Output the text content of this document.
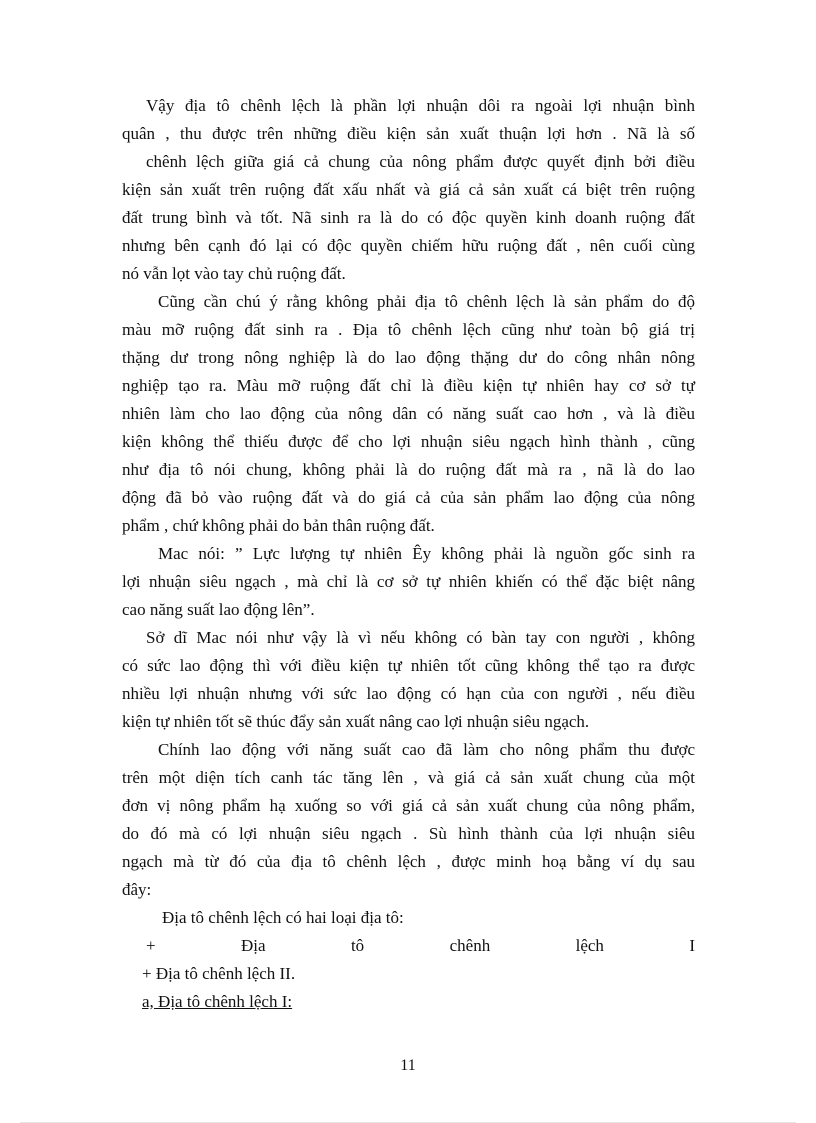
Vậy địa tô chênh lệch là phần lợi nhuận dôi ra ngoài lợi nhuận bình
quân , thu được trên những điều kiện sản xuất thuận lợi hơn . Nã là số
chênh lệch giữa giá cả chung của nông phẩm được quyết định bởi điều
kiện sản xuất trên ruộng đất xấu nhất và giá cả sản xuất cá biệt trên ruộng
đất trung bình và tốt. Nã sinh ra là do có độc quyền kinh doanh ruộng đất
nhưng bên cạnh đó lại có độc quyền chiếm hữu ruộng đất , nên cuối cùng
nó vẫn lọt vào tay chủ ruộng đất.
Cũng cần chú ý rằng không phải địa tô chênh lệch là sản phẩm do độ
màu mỡ ruộng đất sinh ra . Địa tô chênh lệch cũng như toàn bộ giá trị
thặng dư trong nông nghiệp là do lao động thặng dư do công nhân nông
nghiệp tạo ra. Màu mỡ ruộng đất chỉ là điều kiện tự nhiên hay cơ sở tự
nhiên làm cho lao động của nông dân có năng suất cao hơn , và là điều
kiện không thể thiếu được để cho lợi nhuận siêu ngạch hình thành , cũng
như địa tô nói chung, không phải là do ruộng đất mà ra , nã là do lao
động đã bỏ vào ruộng đất và do giá cả của sản phẩm lao động của nông
phẩm , chứ không phải do bản thân ruộng đất.
Mac nói: ” Lực lượng tự nhiên Êy không phải là nguồn gốc sinh ra
lợi nhuận siêu ngạch , mà chỉ là cơ sở tự nhiên khiến có thể đặc biệt nâng
cao năng suất lao động lên”.
Sở dĩ Mac nói như vậy là vì nếu không có bàn tay con người , không
có sức lao động thì với điều kiện tự nhiên tốt cũng không thể tạo ra được
nhiều lợi nhuận nhưng với sức lao động có hạn của con người , nếu điều
kiện tự nhiên tốt sẽ thúc đẩy sản xuất nâng cao lợi nhuận siêu ngạch.
Chính lao động với năng suất cao đã làm cho nông phẩm thu được
trên một diện tích canh tác tăng lên , và giá cả sản xuất chung của một
đơn vị nông phẩm hạ xuống so với giá cả sản xuất chung của nông phẩm,
do đó mà có lợi nhuận siêu ngạch . Sù hình thành của lợi nhuận siêu
ngạch mà từ đó của địa tô chênh lệch , được minh hoạ bằng ví dụ sau
đây:
Địa tô chênh lệch có hai loại địa tô:
+ Địa tô chênh lệch I
+ Địa tô chênh lệch II.
a, Địa tô chênh lệch I:
11
